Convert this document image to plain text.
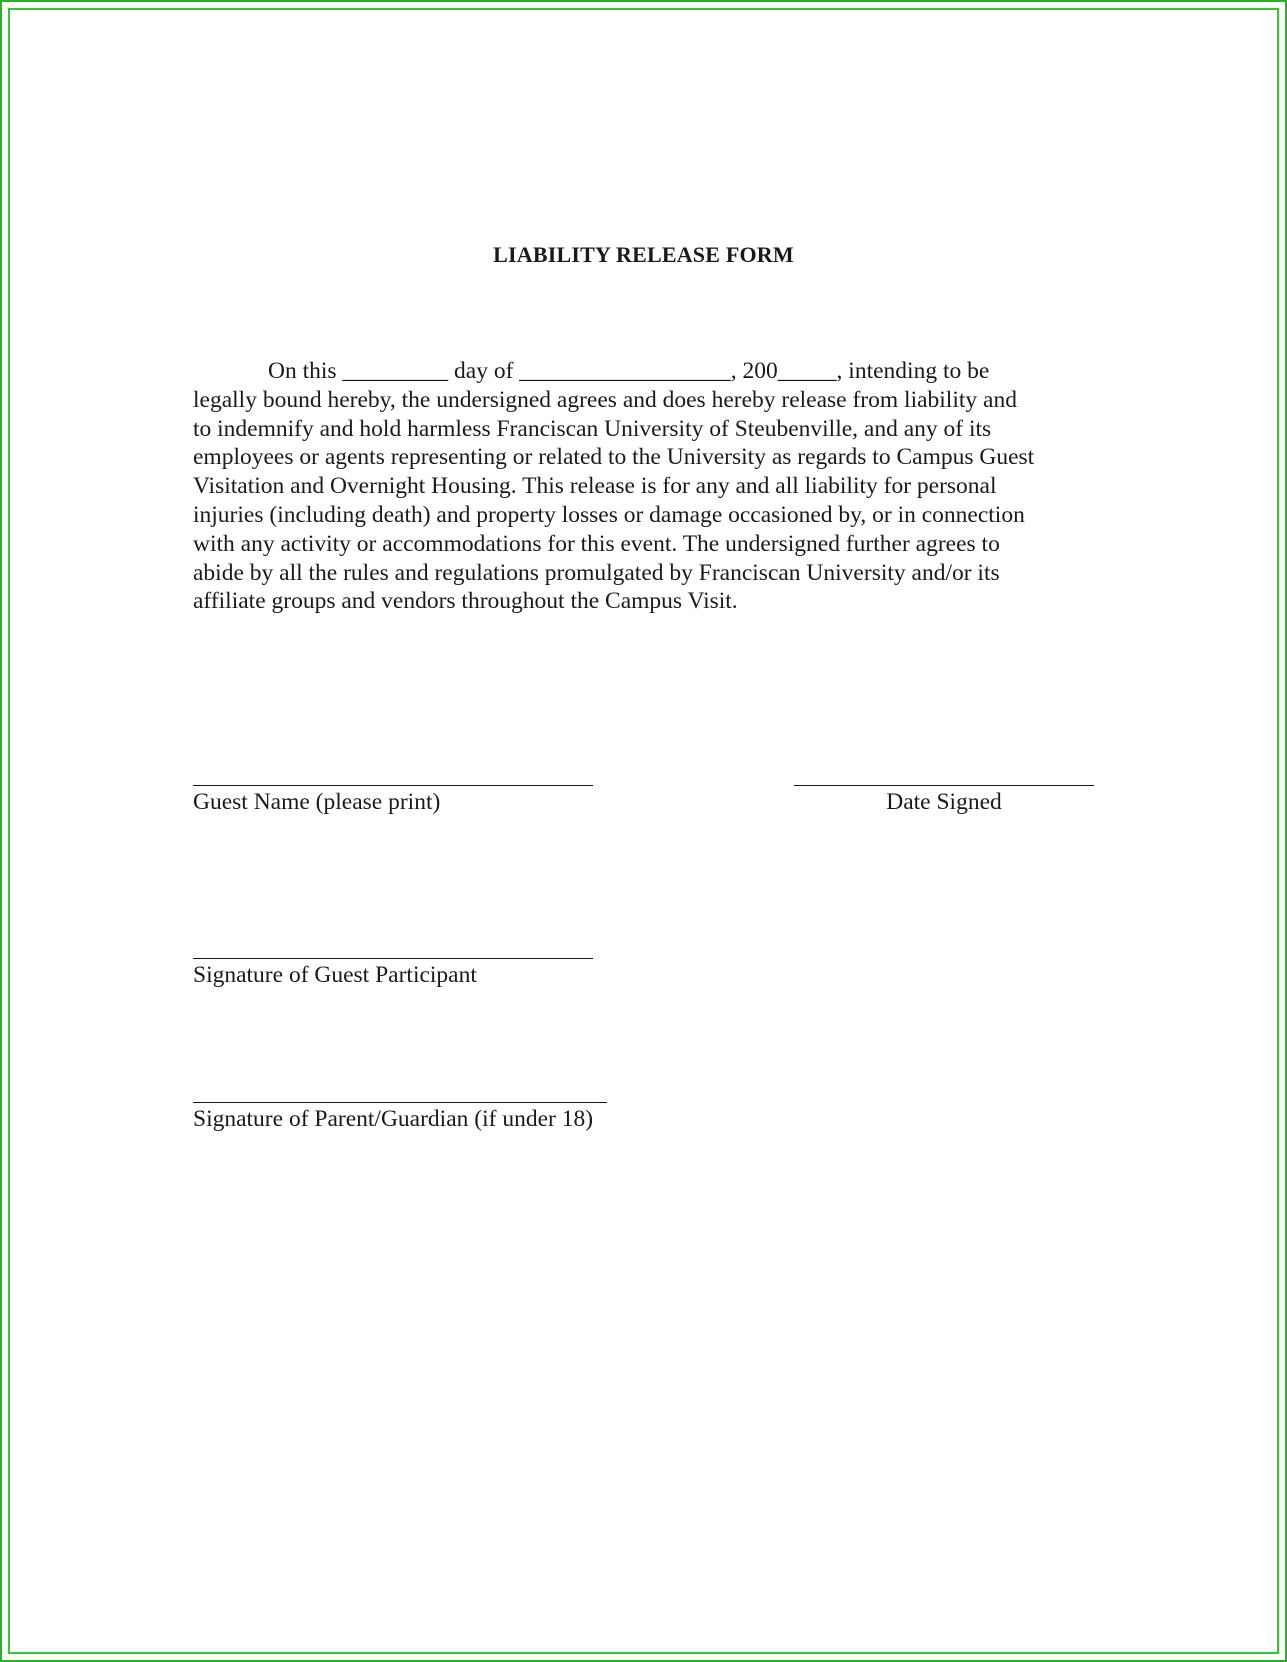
LIABILITY RELEASE FORM

On this _________ day of __________________, 200_____, intending to be
legally bound hereby, the undersigned agrees and does hereby release from liability and
to indemnify and hold harmless Franciscan University of Steubenville, and any of its
employees or agents representing or related to the University as regards to Campus Guest
Visitation and Overnight Housing. This release is for any and all liability for personal
injuries (including death) and property losses or damage occasioned by, or in connection
with any activity or accommodations for this event. The undersigned further agrees to
abide by all the rules and regulations promulgated by Franciscan University and/or its
affiliate groups and vendors throughout the Campus Visit.

Guest Name (please print)	Date Signed
Signature of Guest Participant
Signature of Parent/Guardian (if under 18)
